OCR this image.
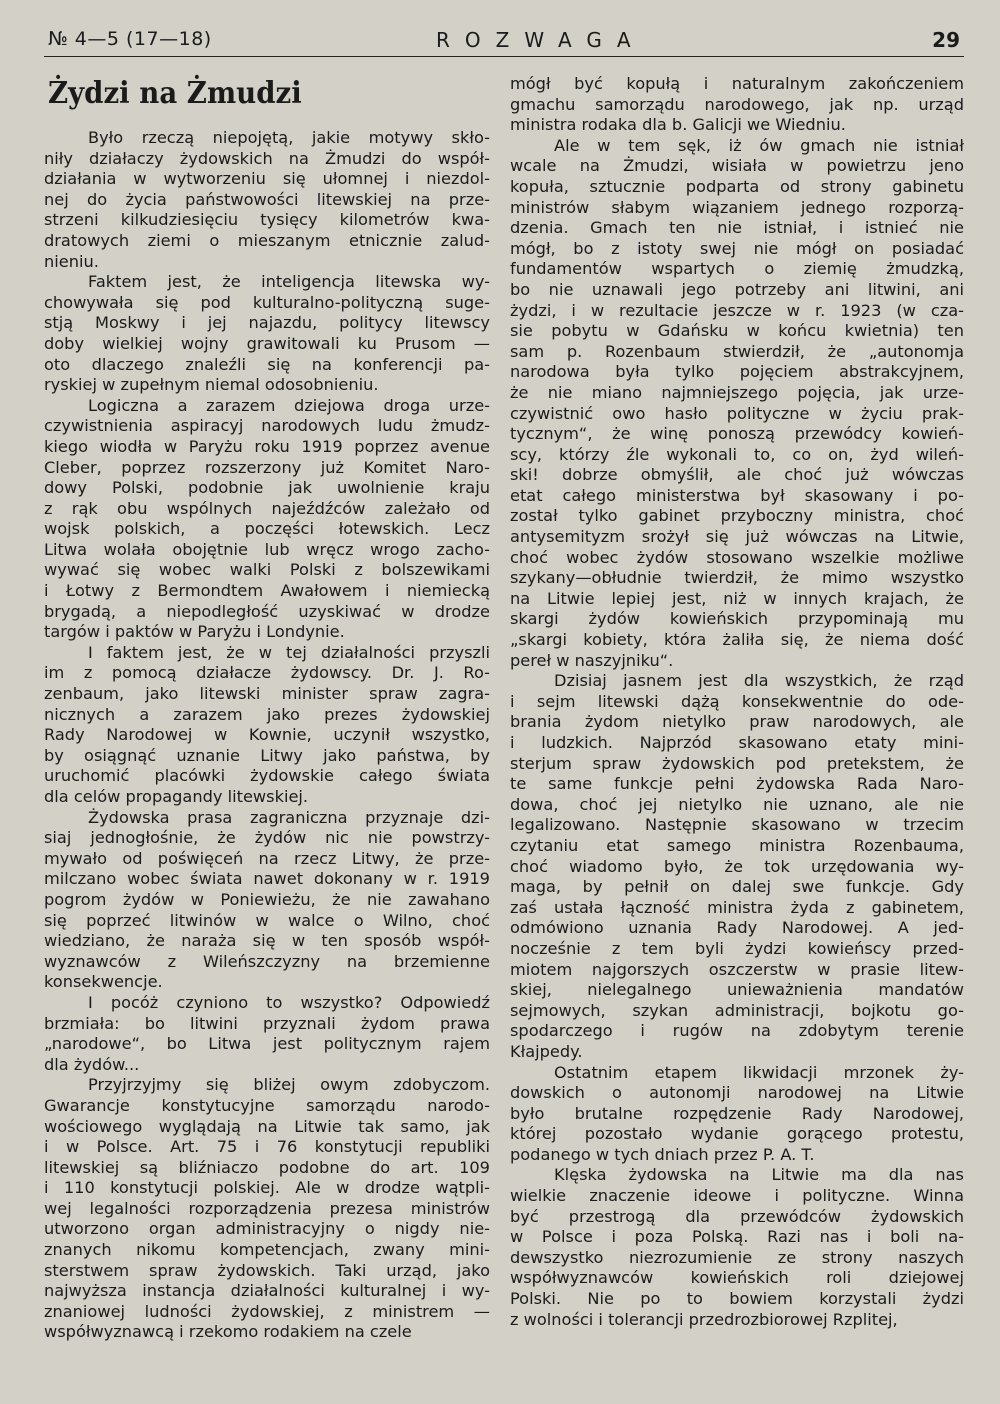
№ 4—5 (17—18)	ROZWAGA	29
Żydzi na Żmudzi
Było rzeczą niepojętą, jakie motywy skło-
niły działaczy żydowskich na Żmudzi do współ-
działania w wytworzeniu się ułomnej i niezdol-
nej do życia państwowości litewskiej na prze-
strzeni kilkudziesięciu tysięcy kilometrów kwa-
dratowych ziemi o mieszanym etnicznie zalud-
nieniu.
Faktem jest, że inteligencja litewska wy-
chowywała się pod kulturalno-polityczną suge-
stją Moskwy i jej najazdu, politycy litewscy
doby wielkiej wojny grawitowali ku Prusom —
oto dlaczego znaleźli się na konferencji pa-
ryskiej w zupełnym niemal odosobnieniu.
Logiczna a zarazem dziejowa droga urze-
czywistnienia aspiracyj narodowych ludu żmudz-
kiego wiodła w Paryżu roku 1919 poprzez avenue
Cleber, poprzez rozszerzony już Komitet Naro-
dowy Polski, podobnie jak uwolnienie kraju
z rąk obu wspólnych najeźdźców zależało od
wojsk polskich, a poczęści łotewskich. Lecz
Litwa wolała obojętnie lub wręcz wrogo zacho-
wywać się wobec walki Polski z bolszewikami
i Łotwy z Bermondtem Awałowem i niemiecką
brygadą, a niepodległość uzyskiwać w drodze
targów i paktów w Paryżu i Londynie.
I faktem jest, że w tej działalności przyszli
im z pomocą działacze żydowscy. Dr. J. Ro-
zenbaum, jako litewski minister spraw zagra-
nicznych a zarazem jako prezes żydowskiej
Rady Narodowej w Kownie, uczynił wszystko,
by osiągnąć uznanie Litwy jako państwa, by
uruchomić placówki żydowskie całego świata
dla celów propagandy litewskiej.
Żydowska prasa zagraniczna przyznaje dzi-
siaj jednogłośnie, że żydów nic nie powstrzy-
mywało od poświęceń na rzecz Litwy, że prze-
milczano wobec świata nawet dokonany w r. 1919
pogrom żydów w Poniewieżu, że nie zawahano
się poprzeć litwinów w walce o Wilno, choć
wiedziano, że naraża się w ten sposób współ-
wyznawców z Wileńszczyzny na brzemienne
konsekwencje.
I pocóż czyniono to wszystko? Odpowiedź
brzmiała: bo litwini przyznali żydom prawa
„narodowe“, bo Litwa jest politycznym rajem
dla żydów...
Przyjrzyjmy się bliżej owym zdobyczom.
Gwarancje konstytucyjne samorządu narodo-
wościowego wyglądają na Litwie tak samo, jak
i w Polsce. Art. 75 i 76 konstytucji republiki
litewskiej są bliźniaczo podobne do art. 109
i 110 konstytucji polskiej. Ale w drodze wątpli-
wej legalności rozporządzenia prezesa ministrów
utworzono organ administracyjny o nigdy nie-
znanych nikomu kompetencjach, zwany mini-
sterstwem spraw żydowskich. Taki urząd, jako
najwyższa instancja działalności kulturalnej i wy-
znaniowej ludności żydowskiej, z ministrem —
współwyznawcą i rzekomo rodakiem na czele
mógł być kopułą i naturalnym zakończeniem
gmachu samorządu narodowego, jak np. urząd
ministra rodaka dla b. Galicji we Wiedniu.
Ale w tem sęk, iż ów gmach nie istniał
wcale na Żmudzi, wisiała w powietrzu jeno
kopuła, sztucznie podparta od strony gabinetu
ministrów słabym wiązaniem jednego rozporzą-
dzenia. Gmach ten nie istniał, i istnieć nie
mógł, bo z istoty swej nie mógł on posiadać
fundamentów wspartych o ziemię żmudzką,
bo nie uznawali jego potrzeby ani litwini, ani
żydzi, i w rezultacie jeszcze w r. 1923 (w cza-
sie pobytu w Gdańsku w końcu kwietnia) ten
sam p. Rozenbaum stwierdził, że „autonomja
narodowa była tylko pojęciem abstrakcyjnem,
że nie miano najmniejszego pojęcia, jak urze-
czywistnić owo hasło polityczne w życiu prak-
tycznym“, że winę ponoszą przewódcy kowień-
scy, którzy źle wykonali to, co on, żyd wileń-
ski! dobrze obmyślił, ale choć już wówczas
etat całego ministerstwa był skasowany i po-
został tylko gabinet przyboczny ministra, choć
antysemityzm srożył się już wówczas na Litwie,
choć wobec żydów stosowano wszelkie możliwe
szykany—obłudnie twierdził, że mimo wszystko
na Litwie lepiej jest, niż w innych krajach, że
skargi żydów kowieńskich przypominają mu
„skargi kobiety, która żaliła się, że niema dość
pereł w naszyjniku“.
Dzisiaj jasnem jest dla wszystkich, że rząd
i sejm litewski dążą konsekwentnie do ode-
brania żydom nietylko praw narodowych, ale
i ludzkich. Najprzód skasowano etaty mini-
sterjum spraw żydowskich pod pretekstem, że
te same funkcje pełni żydowska Rada Naro-
dowa, choć jej nietylko nie uznano, ale nie
legalizowano. Następnie skasowano w trzecim
czytaniu etat samego ministra Rozenbauma,
choć wiadomo było, że tok urzędowania wy-
maga, by pełnił on dalej swe funkcje. Gdy
zaś ustała łączność ministra żyda z gabinetem,
odmówiono uznania Rady Narodowej. A jed-
nocześnie z tem byli żydzi kowieńscy przed-
miotem najgorszych oszczerstw w prasie litew-
skiej, nielegalnego unieważnienia mandatów
sejmowych, szykan administracji, bojkotu go-
spodarczego i rugów na zdobytym terenie
Kłajpedy.
Ostatnim etapem likwidacji mrzonek ży-
dowskich o autonomji narodowej na Litwie
było brutalne rozpędzenie Rady Narodowej,
której pozostało wydanie gorącego protestu,
podanego w tych dniach przez P. A. T.
Klęska żydowska na Litwie ma dla nas
wielkie znaczenie ideowe i polityczne. Winna
być przestrogą dla przewódców żydowskich
w Polsce i poza Polską. Razi nas i boli na-
dewszystko niezrozumienie ze strony naszych
współwyznawców kowieńskich roli dziejowej
Polski. Nie po to bowiem korzystali żydzi
z wolności i tolerancji przedrozbiorowej Rzplitej,
